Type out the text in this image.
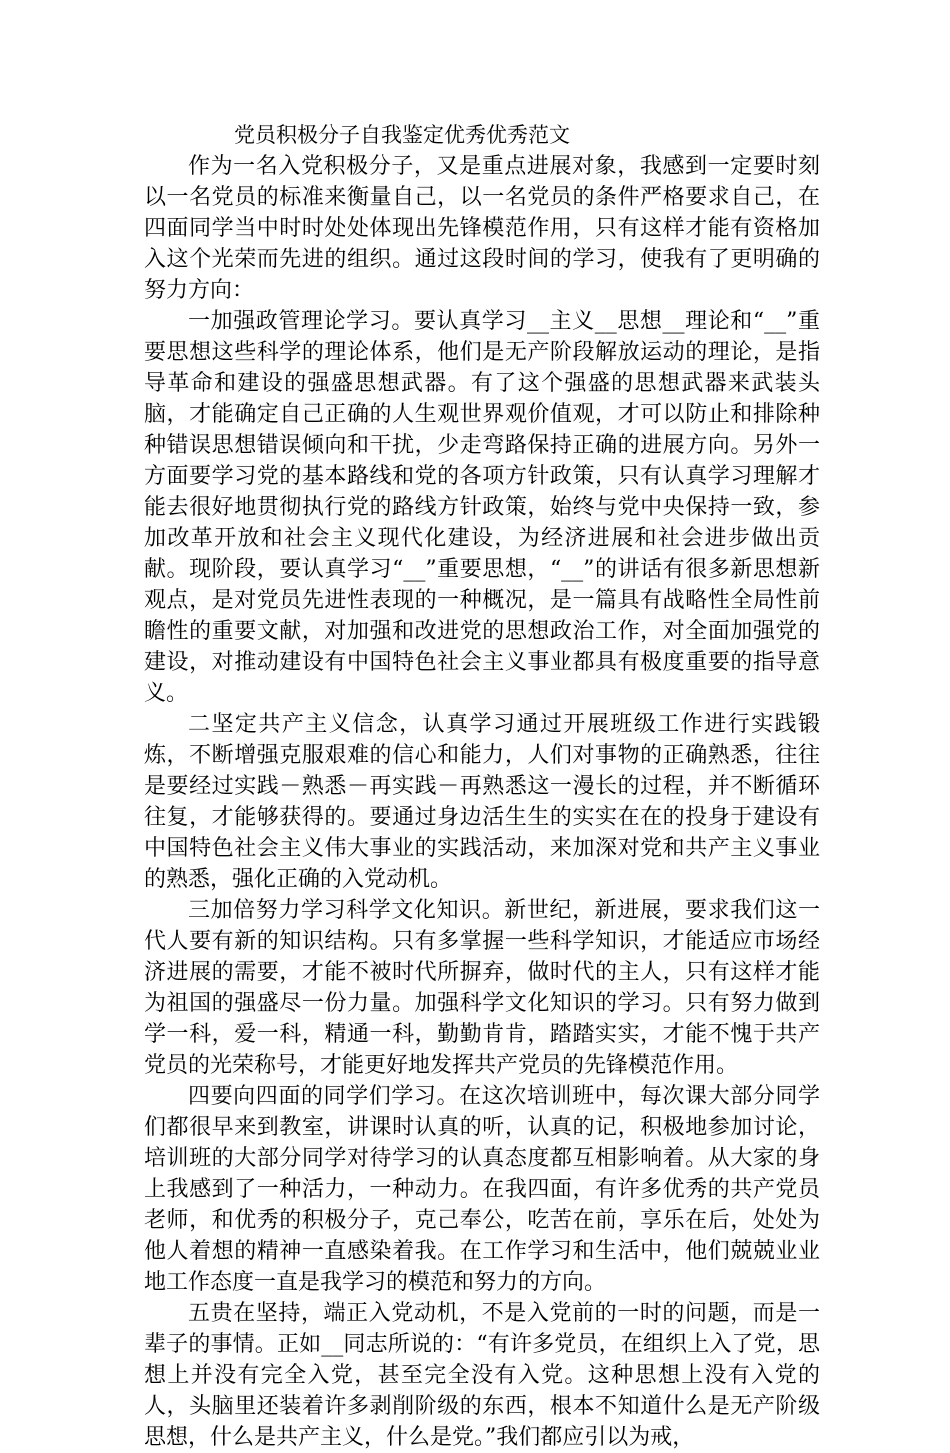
党员积极分子自我鉴定优秀优秀范文

作为一名入党积极分子，又是重点进展对象，我感到一定要时刻以一名党员的标准来衡量自己，以一名党员的条件严格要求自己，在四面同学当中时时处处体现出先锋模范作用，只有这样才能有资格加入这个光荣而先进的组织。通过这段时间的学习，使我有了更明确的努力方向：

一加强政管理论学习。要认真学习__主义__思想__理论和“__”重要思想这些科学的理论体系，他们是无产阶段解放运动的理论，是指导革命和建设的强盛思想武器。有了这个强盛的思想武器来武装头脑，才能确定自己正确的人生观世界观价值观，才可以防止和排除种种错误思想错误倾向和干扰，少走弯路保持正确的进展方向。另外一方面要学习党的基本路线和党的各项方针政策，只有认真学习理解才能去很好地贯彻执行党的路线方针政策，始终与党中央保持一致，参加改革开放和社会主义现代化建设，为经济进展和社会进步做出贡献。现阶段，要认真学习“__”重要思想，“__”的讲话有很多新思想新观点，是对党员先进性表现的一种概况，是一篇具有战略性全局性前瞻性的重要文献，对加强和改进党的思想政治工作，对全面加强党的建设，对推动建设有中国特色社会主义事业都具有极度重要的指导意义。

二坚定共产主义信念，认真学习通过开展班级工作进行实践锻炼，不断增强克服艰难的信心和能力，人们对事物的正确熟悉，往往是要经过实践－熟悉－再实践－再熟悉这一漫长的过程，并不断循环往复，才能够获得的。要通过身边活生生的实实在在的投身于建设有中国特色社会主义伟大事业的实践活动，来加深对党和共产主义事业的熟悉，强化正确的入党动机。

三加倍努力学习科学文化知识。新世纪，新进展，要求我们这一代人要有新的知识结构。只有多掌握一些科学知识，才能适应市场经济进展的需要，才能不被时代所摒弃，做时代的主人，只有这样才能为祖国的强盛尽一份力量。加强科学文化知识的学习。只有努力做到学一科，爱一科，精通一科，勤勤肯肯，踏踏实实，才能不愧于共产党员的光荣称号，才能更好地发挥共产党员的先锋模范作用。

四要向四面的同学们学习。在这次培训班中，每次课大部分同学们都很早来到教室，讲课时认真的听，认真的记，积极地参加讨论，培训班的大部分同学对待学习的认真态度都互相影响着。从大家的身上我感到了一种活力，一种动力。在我四面，有许多优秀的共产党员老师，和优秀的积极分子，克己奉公，吃苦在前，享乐在后，处处为他人着想的精神一直感染着我。在工作学习和生活中，他们兢兢业业地工作态度一直是我学习的模范和努力的方向。

五贵在坚持，端正入党动机，不是入党前的一时的问题，而是一辈子的事情。正如__同志所说的：“有许多党员，在组织上入了党，思想上并没有完全入党，甚至完全没有入党。这种思想上没有入党的人，头脑里还装着许多剥削阶级的东西，根本不知道什么是无产阶级思想，什么是共产主义，什么是党。”我们都应引以为戒，
